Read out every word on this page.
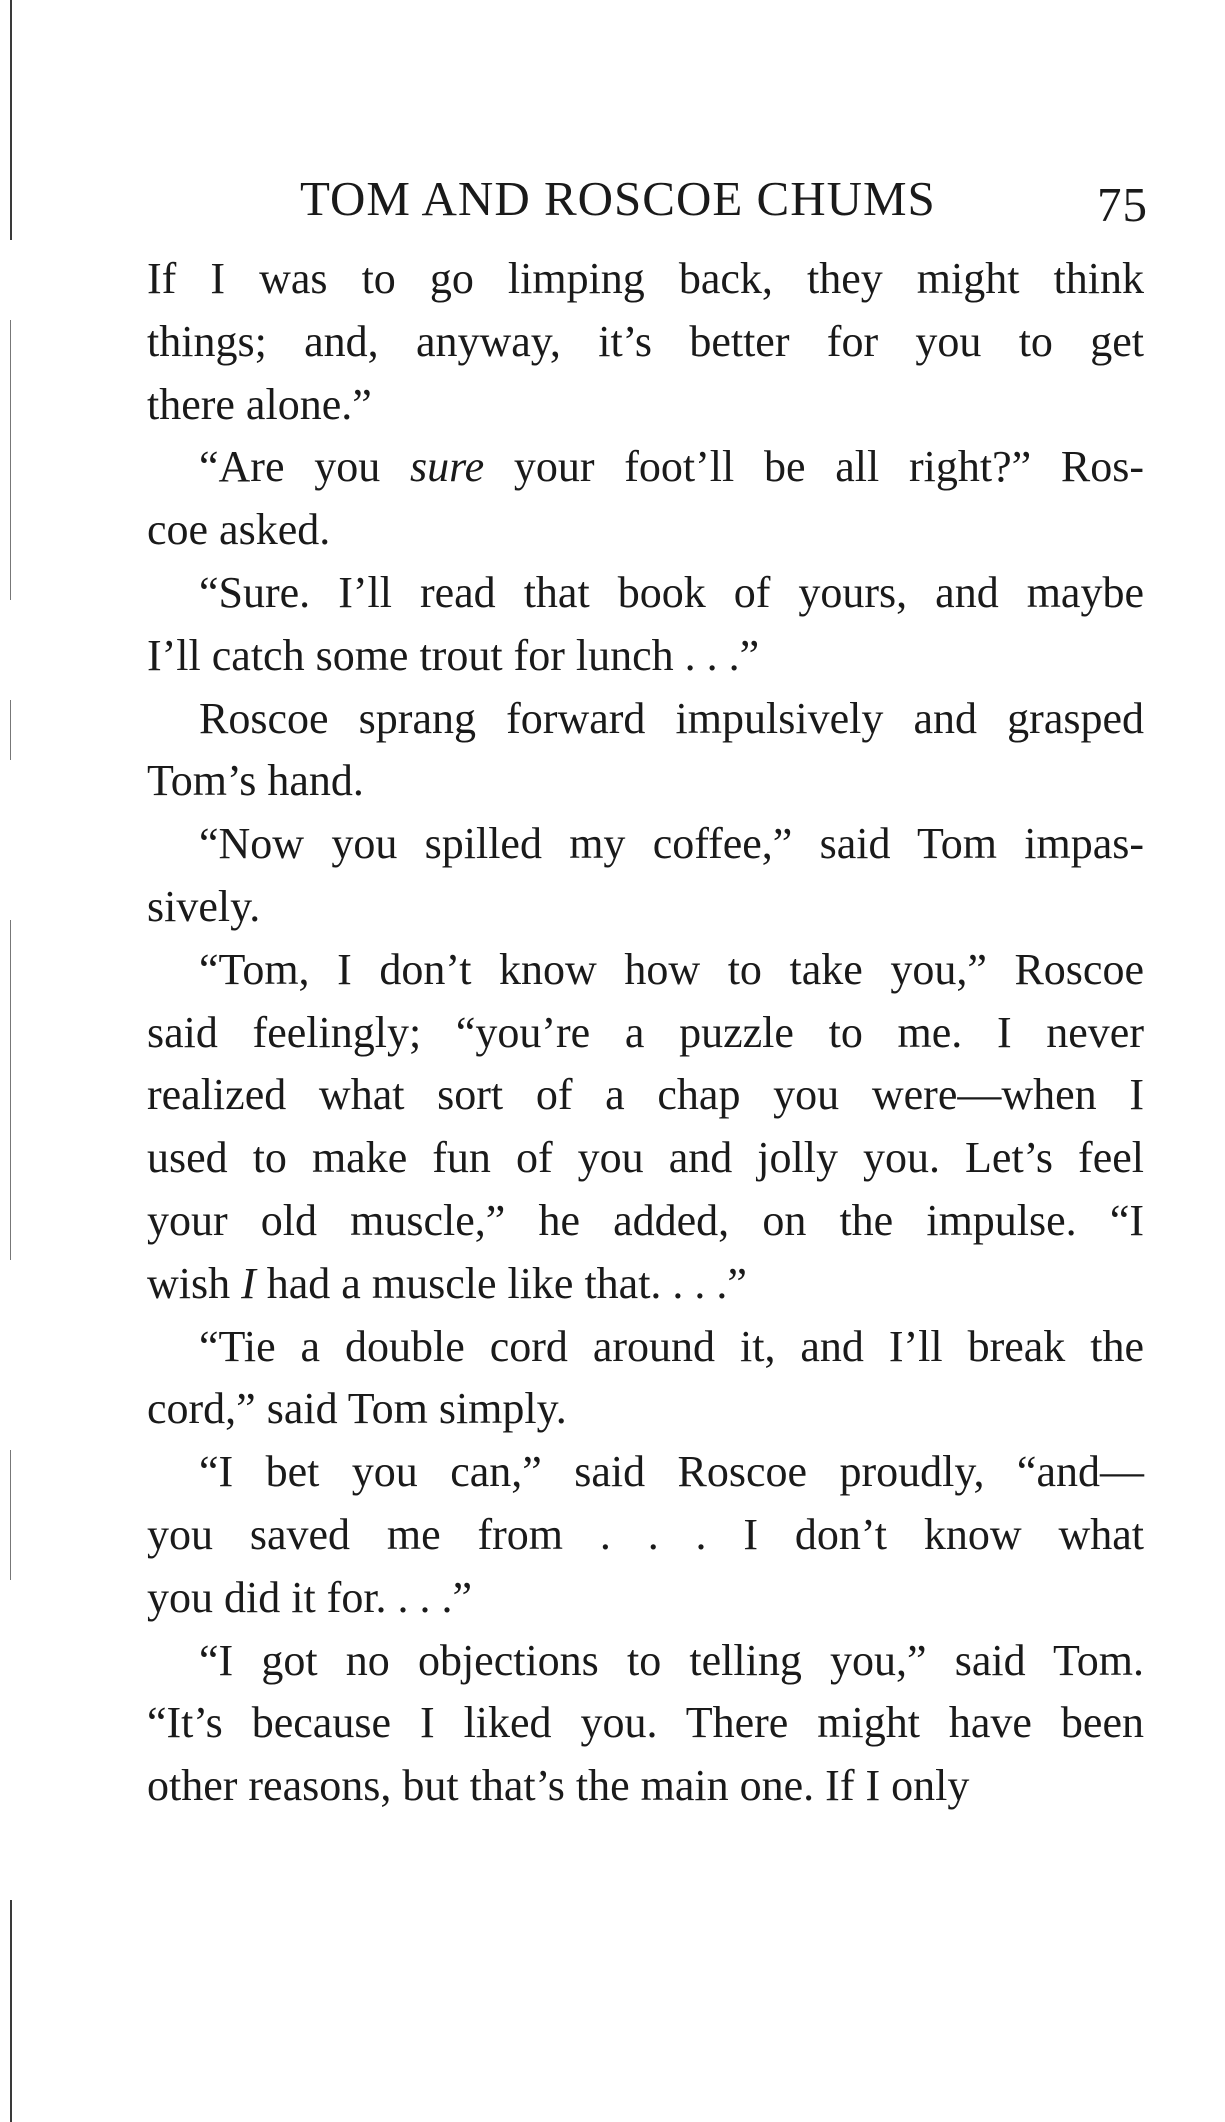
TOM AND ROSCOE CHUMS	75
If I was to go limping back, they might think
things; and, anyway, it’s better for you to get
there alone.”
“Are you sure your foot’ll be all right?” Ros-
coe asked.
“Sure. I’ll read that book of yours, and maybe
I’ll catch some trout for lunch . . .”
Roscoe sprang forward impulsively and grasped
Tom’s hand.
“Now you spilled my coffee,” said Tom impas-
sively.
“Tom, I don’t know how to take you,” Roscoe
said feelingly; “you’re a puzzle to me. I never
realized what sort of a chap you were—when I
used to make fun of you and jolly you. Let’s feel
your old muscle,” he added, on the impulse. “I
wish I had a muscle like that. . . .”
“Tie a double cord around it, and I’ll break the
cord,” said Tom simply.
“I bet you can,” said Roscoe proudly, “and—
you saved me from . . . I don’t know what
you did it for. . . .”
“I got no objections to telling you,” said Tom.
“It’s because I liked you. There might have been
other reasons, but that’s the main one. If I only
